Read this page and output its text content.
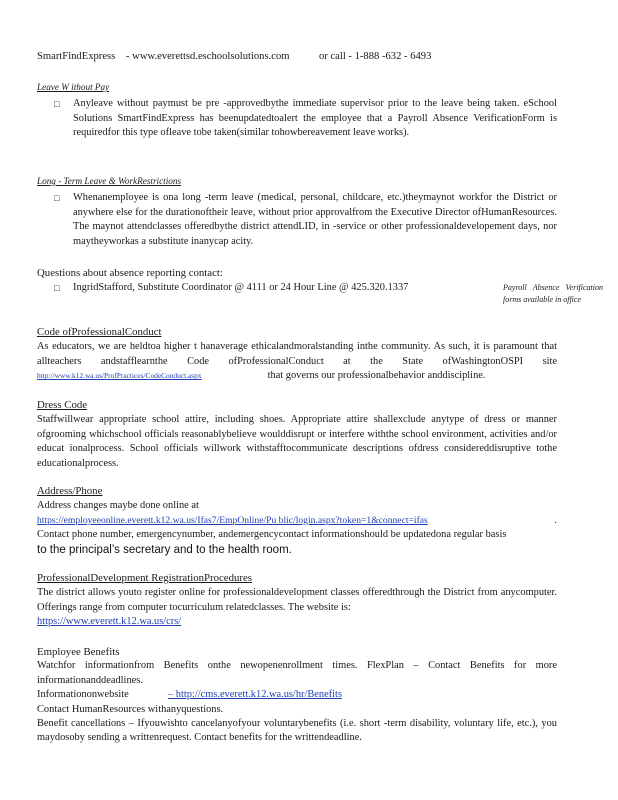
SmartFindExpress - www.everettsd.eschoolsolutions.com	or call - 1-888 -632 - 6493
Leave W ithout Pay
□ Anyleave without paymust be pre -approvedbythe immediate supervisor prior to the leave being taken. eSchool Solutions SmartFindExpress has beenupdatedtoalert the employee that a Payroll Absence VerificationForm is requiredfor this type ofleave tobe taken(similar tohowbereavement leave works).

Long - Term Leave & WorkRestrictions
□ Whenanemployee is ona long -term leave (medical, personal, childcare, etc.)theymaynot workfor the District or anywhere else for the durationoftheir leave, without prior approvalfrom the Executive Director ofHumanResources. The maynot attendclasses offeredbythe district attendLID, in -service or other professionaldevelopement days, nor maytheyworkas a substitute inanycap acity.

Questions about absence reporting contact:
□ IngridStafford, Substitute Coordinator @ 4111 or 24 Hour Line @ 425.320.1337	Payroll Absence Verification forms available in office
Code ofProfessionalConduct

As educators, we are heldtoa higher t hanaverage ethicalandmoralstanding inthe community. As such, it is paramount that allteachers andstafflearnthe Code ofProfessionalConduct at the State ofWashingtonOSPI site http://www.k12.wa.us/ProfPractices/CodeConduct.aspx	that governs our professionalbehavior anddiscipline.

Dress Code

Staffwillwear appropriate school attire, including shoes. Appropriate attire shallexclude anytype of dress or manner ofgrooming whichschool officials reasonablybelieve woulddisrupt or interfere withthe school environment, activities and/or educat ionalprocess. School officials willwork withstafftocommunicate descriptions ofdress considereddisruptive tothe educationalprocess.

Address/Phone

Address changes maybe done online at
https://employeeonline.everett.k12.wa.us/Ifas7/EmpOnline/Pu blic/login.aspx?token=1&connect=ifas	. Contact phone number, emergencynumber, andemergencycontact informationshould be updatedona regular basis

to the principal’s secretary and to the health room.
ProfessionalDevelopment RegistrationProcedures

The district allows youto register online for professionaldevelopment classes offeredthrough the District from anycomputer. Offerings range from computer tocurriculum relatedclasses. The website is:

https://www.everett.k12.wa.us/crs/
Employee Benefits

Watchfor informationfrom Benefits onthe newopenenrollment times. FlexPlan – Contact Benefits for more informationanddeadlines.

Informationonwebsite	– http://cms.everett.k12.wa.us/hr/Benefits
Contact HumanResources withanyquestions.

Benefit cancellations – Ifyouwishto cancelanyofyour voluntarybenefits (i.e. short -term disability, voluntary life, etc.), you maydosoby sending a writtenrequest. Contact benefits for the writtendeadline.
